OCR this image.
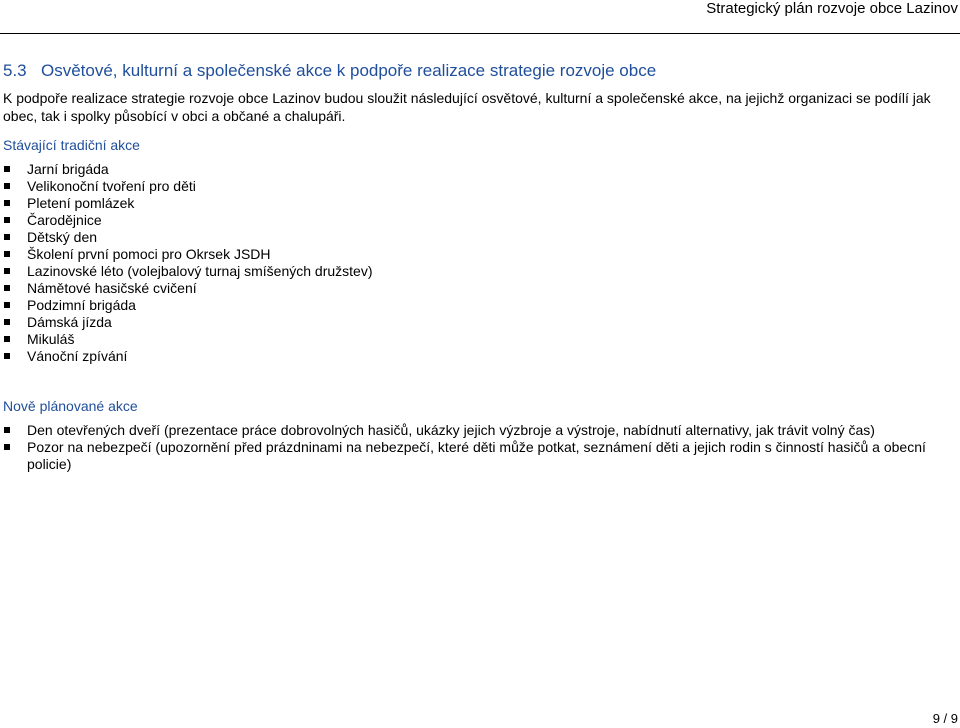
Strategický plán rozvoje obce Lazinov
5.3 Osvětové, kulturní a společenské akce k podpoře realizace strategie rozvoje obce
K podpoře realizace strategie rozvoje obce Lazinov budou sloužit následující osvětové, kulturní a společenské akce, na jejichž organizaci se podílí jak obec, tak i spolky působící v obci a občané a chalupáři.
Stávající tradiční akce
Jarní brigáda
Velikonoční tvoření pro děti
Pletení pomlázek
Čarodějnice
Dětský den
Školení první pomoci pro Okrsek JSDH
Lazinovské léto (volejbalový turnaj smíšených družstev)
Námětové hasičské cvičení
Podzimní brigáda
Dámská jízda
Mikuláš
Vánoční zpívání
Nově plánované akce
Den otevřených dveří (prezentace práce dobrovolných hasičů, ukázky jejich výzbroje a výstroje, nabídnutí alternativy, jak trávit volný čas)
Pozor na nebezpečí (upozornění před prázdninami na nebezpečí, které děti může potkat, seznámení děti a jejich rodin s činností hasičů a obecní policie)
9 / 9
